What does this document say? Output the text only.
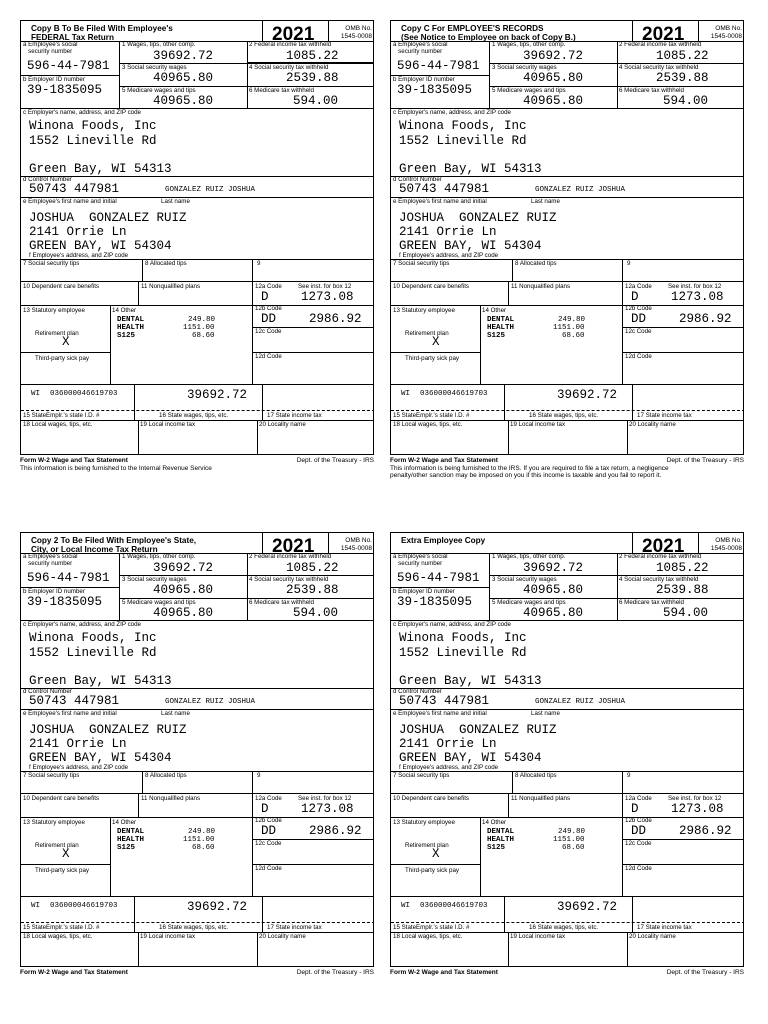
Copy B To Be Filed With Employee's
FEDERAL Tax Return	2021	OMB No.
1545-0008
a Employee's social
security number
596-44-7981
b Employer ID number
39-1835095
1 Wages, tips, other comp.
39692.72
2 Federal income tax withheld
1085.22
3 Social security wages
40965.80
4 Social security tax withheld
2539.88
5 Medicare wages and tips
40965.80
6 Medicare tax withheld
594.00
c Employer's name, address, and ZIP code
Winona Foods, Inc
1552 Lineville Rd
Green Bay, WI 54313
d Control Number
50743 447981	GONZALEZ RUIZ JOSHUA
e Employee's first name and initial	Last name
JOSHUA GONZALEZ RUIZ
2141 Orrie Ln
GREEN BAY, WI 54304
f Employee's address, and ZIP code
7 Social security tips	8 Allocated tips	9
10 Dependent care benefits	11 Nonqualified plans	12a Code	See inst. for box 12
D	1273.08
13 Statutory employee	14 Other
DENTAL	249.80
HEALTH	1151.00
S125	68.60
12b Code
DD	2986.92
12c Code
12d Code
Retirement plan
X
Third-party sick pay
WI 036000046619703	39692.72
15 State Emplr.'s state I.D. #	16 State wages, tips, etc.	17 State income tax
18 Local wages, tips, etc.	19 Local income tax	20 Locality name
Form W-2 Wage and Tax Statement	Dept. of the Treasury - IRS
This information is being furnished to the Internal Revenue Service
Copy C For EMPLOYEE'S RECORDS
(See Notice to Employee on back of Copy B.)	2021	OMB No.
1545-0008
a Employee's social
security number
596-44-7981
b Employer ID number
39-1835095
1 Wages, tips, other comp.
39692.72
2 Federal income tax withheld
1085.22
3 Social security wages
40965.80
4 Social security tax withheld
2539.88
5 Medicare wages and tips
40965.80
6 Medicare tax withheld
594.00
c Employer's name, address, and ZIP code
Winona Foods, Inc
1552 Lineville Rd
Green Bay, WI 54313
d Control Number
50743 447981	GONZALEZ RUIZ JOSHUA
e Employee's first name and initial	Last name
JOSHUA GONZALEZ RUIZ
2141 Orrie Ln
GREEN BAY, WI 54304
f Employee's address, and ZIP code
7 Social security tips	8 Allocated tips	9
10 Dependent care benefits	11 Nonqualified plans	12a Code	See inst. for box 12
D	1273.08
13 Statutory employee	14 Other
DENTAL	249.80
HEALTH	1151.00
S125	68.60
12b Code
DD	2986.92
12c Code
12d Code
Retirement plan
X
Third-party sick pay
WI 036000046619703	39692.72
15 State Emplr.'s state I.D. #	16 State wages, tips, etc.	17 State income tax
18 Local wages, tips, etc.	19 Local income tax	20 Locality name
Form W-2 Wage and Tax Statement	Dept. of the Treasury - IRS
This information is being furnished to the IRS. If you are required to file a tax return, a negligence
penalty/other sanction may be imposed on you if this income is taxable and you fail to report it.
Copy 2 To Be Filed With Employee's State,
City, or Local Income Tax Return	2021	OMB No.
1545-0008
a Employee's social
security number
596-44-7981
b Employer ID number
39-1835095
1 Wages, tips, other comp.
39692.72
2 Federal income tax withheld
1085.22
3 Social security wages
40965.80
4 Social security tax withheld
2539.88
5 Medicare wages and tips
40965.80
6 Medicare tax withheld
594.00
c Employer's name, address, and ZIP code
Winona Foods, Inc
1552 Lineville Rd
Green Bay, WI 54313
d Control Number
50743 447981	GONZALEZ RUIZ JOSHUA
e Employee's first name and initial	Last name
JOSHUA GONZALEZ RUIZ
2141 Orrie Ln
GREEN BAY, WI 54304
f Employee's address, and ZIP code
7 Social security tips	8 Allocated tips	9
10 Dependent care benefits	11 Nonqualified plans	12a Code	See inst. for box 12
D	1273.08
13 Statutory employee	14 Other
DENTAL	249.80
HEALTH	1151.00
S125	68.60
12b Code
DD	2986.92
12c Code
12d Code
Retirement plan
X
Third-party sick pay
WI 036000046619703	39692.72
15 State Emplr.'s state I.D. #	16 State wages, tips, etc.	17 State income tax
18 Local wages, tips, etc.	19 Local income tax	20 Locality name
Form W-2 Wage and Tax Statement	Dept. of the Treasury - IRS
Extra Employee Copy	2021	OMB No.
1545-0008
a Employee's social
security number
596-44-7981
b Employer ID number
39-1835095
1 Wages, tips, other comp.
39692.72
2 Federal income tax withheld
1085.22
3 Social security wages
40965.80
4 Social security tax withheld
2539.88
5 Medicare wages and tips
40965.80
6 Medicare tax withheld
594.00
c Employer's name, address, and ZIP code
Winona Foods, Inc
1552 Lineville Rd
Green Bay, WI 54313
d Control Number
50743 447981	GONZALEZ RUIZ JOSHUA
e Employee's first name and initial	Last name
JOSHUA GONZALEZ RUIZ
2141 Orrie Ln
GREEN BAY, WI 54304
f Employee's address, and ZIP code
7 Social security tips	8 Allocated tips	9
10 Dependent care benefits	11 Nonqualified plans	12a Code	See inst. for box 12
D	1273.08
13 Statutory employee	14 Other
DENTAL	249.80
HEALTH	1151.00
S125	68.60
12b Code
DD	2986.92
12c Code
12d Code
Retirement plan
X
Third-party sick pay
WI 036000046619703	39692.72
15 State Emplr.'s state I.D. #	16 State wages, tips, etc.	17 State income tax
18 Local wages, tips, etc.	19 Local income tax	20 Locality name
Form W-2 Wage and Tax Statement	Dept. of the Treasury - IRS
